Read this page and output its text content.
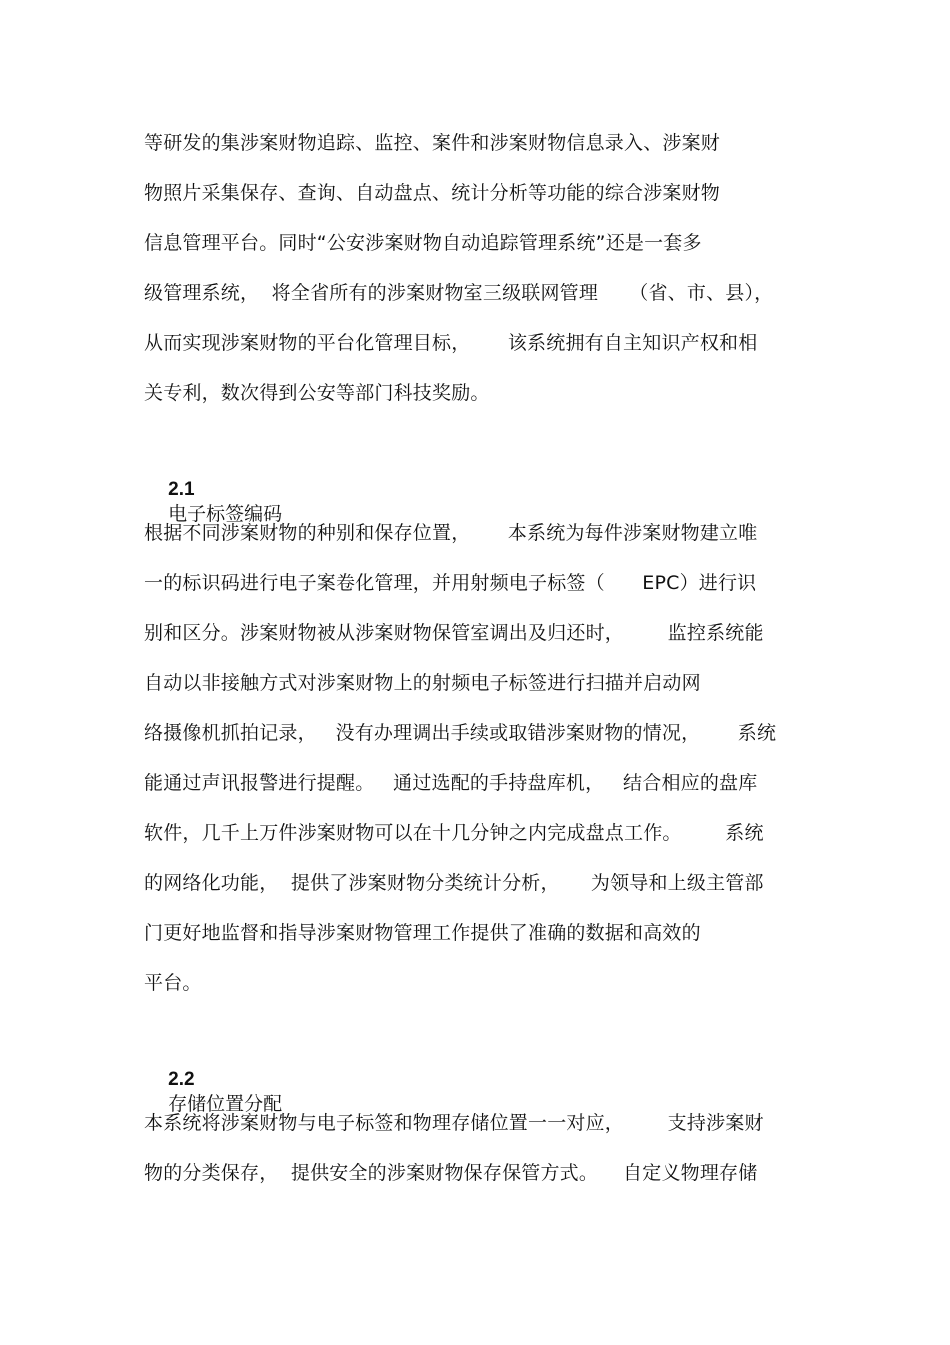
等研发的集涉案财物追踪、监控、案件和涉案财物信息录入、涉案财
物照片采集保存、查询、自动盘点、统计分析等功能的综合涉案财物
信息管理平台。同时“公安涉案财物自动追踪管理系统”还是一套多
级管理系统，  将全省所有的涉案财物室三级联网管理     （省、市、县），
从而实现涉案财物的平台化管理目标，      该系统拥有自主知识产权和相
关专利，数次得到公安等部门科技奖励。

2.1
电子标签编码

根据不同涉案财物的种别和保存位置，      本系统为每件涉案财物建立唯
一的标识码进行电子案卷化管理，并用射频电子标签（      EPC）进行识
别和区分。涉案财物被从涉案财物保管室调出及归还时，       监控系统能
自动以非接触方式对涉案财物上的射频电子标签进行扫描并启动网
络摄像机抓拍记录，   没有办理调出手续或取错涉案财物的情况，      系统
能通过声讯报警进行提醒。   通过选配的手持盘库机，   结合相应的盘库
软件，几千上万件涉案财物可以在十几分钟之内完成盘点工作。       系统
的网络化功能，  提供了涉案财物分类统计分析，     为领导和上级主管部
门更好地监督和指导涉案财物管理工作提供了准确的数据和高效的
平台。

2.2
存储位置分配

本系统将涉案财物与电子标签和物理存储位置一一对应，       支持涉案财
物的分类保存，  提供安全的涉案财物保存保管方式。    自定义物理存储
